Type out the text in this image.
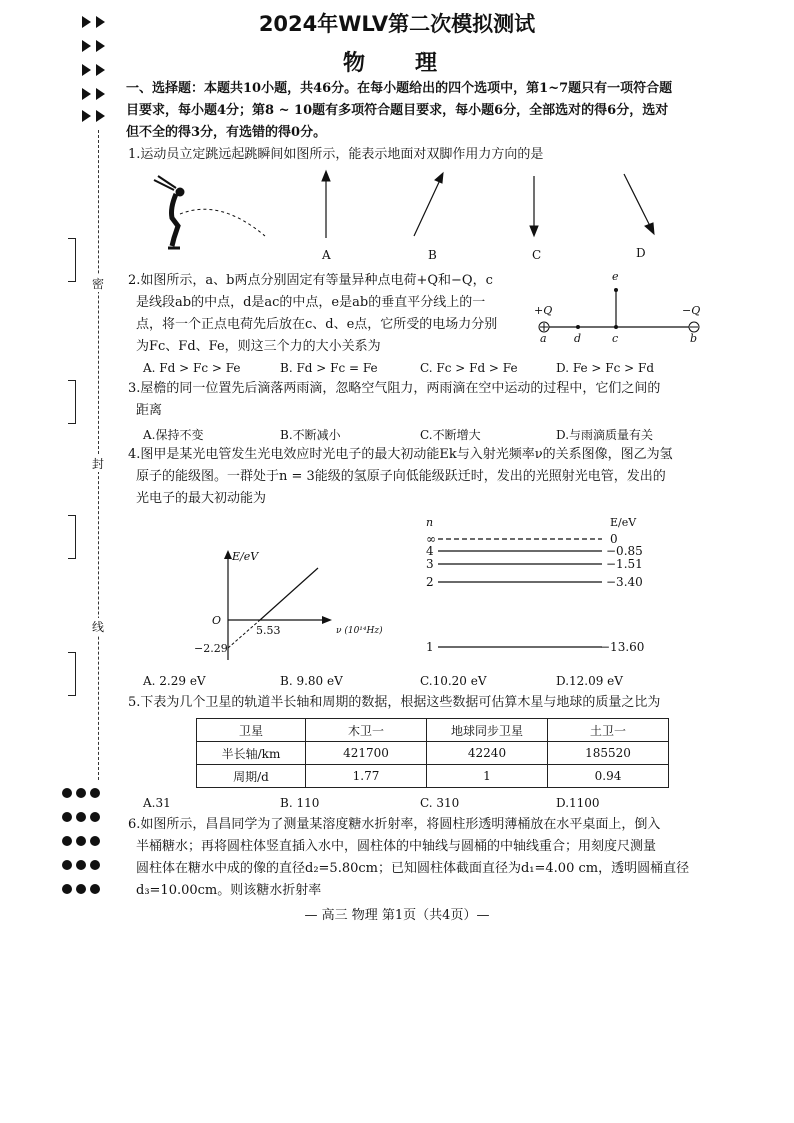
密
封
线
2024年WLV第二次模拟测试
物　理
一、选择题：本题共10小题，共46分。在每小题给出的四个选项中，第1~7题只有一项符合题
目要求，每小题4分；第8 ~ 10题有多项符合题目要求，每小题6分，全部选对的得6分，选对
但不全的得3分，有选错的得0分。
1.运动员立定跳远起跳瞬间如图所示，能表示地面对双脚作用力方向的是
A	B	C	D
2.如图所示，a、b两点分别固定有等量异种点电荷+Q和−Q，c
是线段ab的中点，d是ac的中点，e是ab的垂直平分线上的一
点，将一个正点电荷先后放在c、d、e点，它所受的电场力分别
为Fc、Fd、Fe，则这三个力的大小关系为
e
+Q	−Q
a d	c	b
A. Fd > Fc > Fe	B. Fd > Fc = Fe	C. Fc > Fd > Fe	D. Fe > Fc > Fd
3.屋檐的同一位置先后滴落两雨滴，忽略空气阻力，两雨滴在空中运动的过程中，它们之间的
距离
A.保持不变	B.不断减小	C.不断增大	D.与雨滴质量有关
4.图甲是某光电管发生光电效应时光电子的最大初动能Ek与入射光频率ν的关系图像，图乙为氢
原子的能级图。一群处于n = 3能级的氢原子向低能级跃迁时，发出的光照射光电管，发出的
光电子的最大初动能为
E/eV
O
5.53	ν (10¹⁴Hz)
−2.29
n	E/eV
∞	0
4	−0.85
3	−1.51
2	−3.40
1	−13.60
A. 2.29 eV	B. 9.80 eV	C.10.20 eV	D.12.09 eV
5.下表为几个卫星的轨道半长轴和周期的数据，根据这些数据可估算木星与地球的质量之比为
卫星	木卫一	地球同步卫星	土卫一
半长轴/km	421700	42240	185520
周期/d	1.77	1	0.94
A.31	B. 110	C. 310	D.1100
6.如图所示，昌昌同学为了测量某溶度糖水折射率，将圆柱形透明薄桶放在水平桌面上，倒入
半桶糖水；再将圆柱体竖直插入水中，圆柱体的中轴线与圆桶的中轴线重合；用刻度尺测量
圆柱体在糖水中成的像的直径d₂=5.80cm；已知圆柱体截面直径为d₁=4.00 cm，透明圆桶直径
d₃=10.00cm。则该糖水折射率
— 高三 物理 第1页（共4页）—
